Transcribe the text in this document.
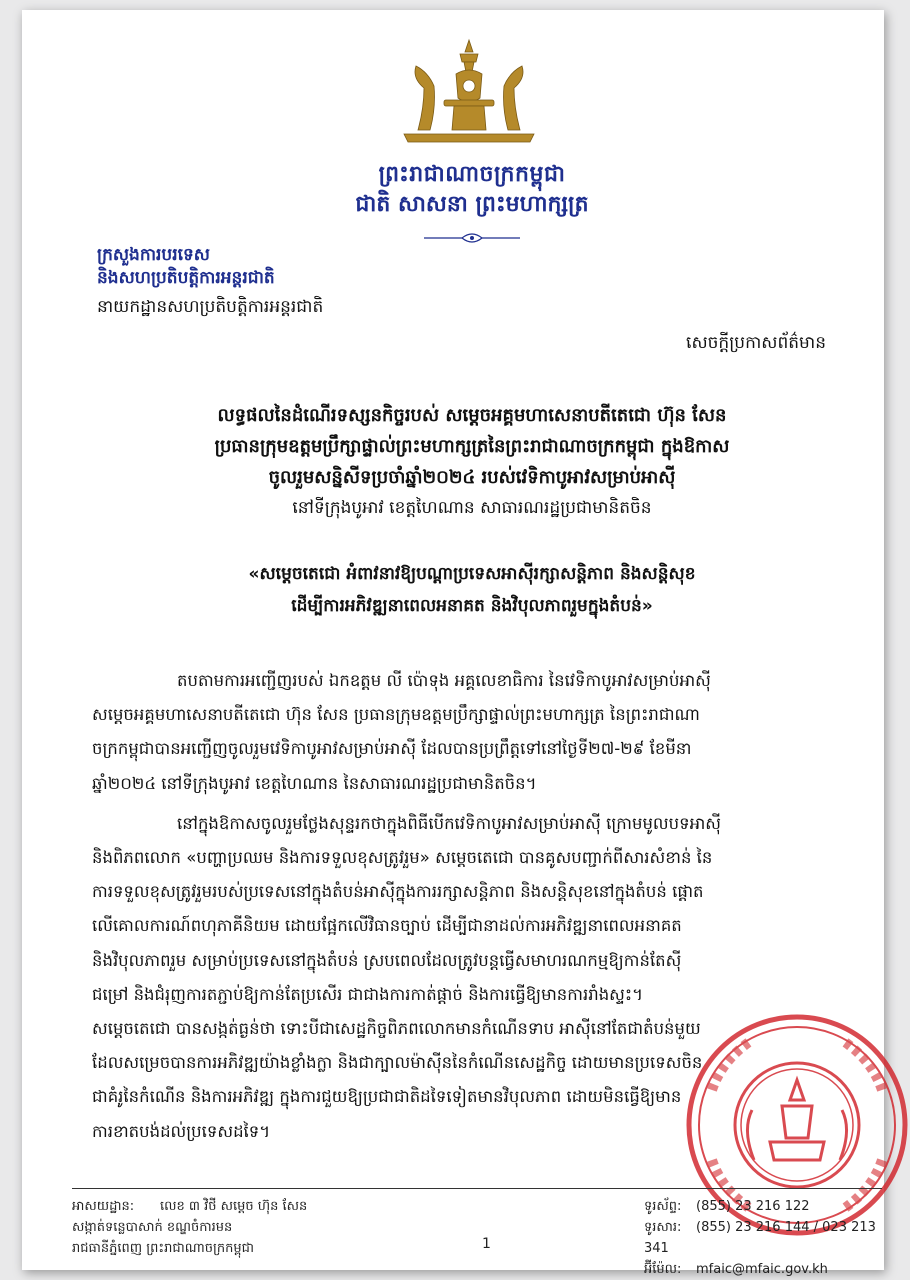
ព្រះរាជាណាចក្រកម្ពុជា
ជាតិ សាសនា ព្រះមហាក្សត្រ
ក្រសួងការបរទេស
និងសហប្រតិបត្តិការអន្តរជាតិ
នាយកដ្ឋានសហប្រតិបត្តិការអន្តរជាតិ
សេចក្តីប្រកាសព័ត៌មាន
លទ្ធផលនៃដំណើរទស្សនកិច្ចរបស់ សម្តេចអគ្គមហាសេនាបតីតេជោ ហ៊ុន សែន
ប្រធានក្រុមឧត្តមប្រឹក្សាផ្ទាល់ព្រះមហាក្សត្រនៃព្រះរាជាណាចក្រកម្ពុជា ក្នុងឱកាស
ចូលរួមសន្និសីទប្រចាំឆ្នាំ២០២៤ របស់វេទិកាបូអាវសម្រាប់អាស៊ី
នៅទីក្រុងបូអាវ ខេត្តហៃណាន សាធារណរដ្ឋប្រជាមានិតចិន
«សម្តេចតេជោ អំពាវនាវឱ្យបណ្តាប្រទេសអាស៊ីរក្សាសន្តិភាព និងសន្តិសុខ
ដើម្បីការអភិវឌ្ឍនាពេលអនាគត និងវិបុលភាពរួមក្នុងតំបន់»

តបតាមការអញ្ជើញរបស់ ឯកឧត្តម លី ប៉ោទុង អគ្គលេខាធិការ នៃវេទិកាបូអាវសម្រាប់អាស៊ី

សម្តេចអគ្គមហាសេនាបតីតេជោ ហ៊ុន សែន ប្រធានក្រុមឧត្តមប្រឹក្សាផ្ទាល់ព្រះមហាក្សត្រ នៃព្រះរាជាណា

ចក្រកម្ពុជាបានអញ្ជើញចូលរួមវេទិកាបូអាវសម្រាប់អាស៊ី ដែលបានប្រព្រឹត្តទៅនៅថ្ងៃទី២៧-២៩ ខែមីនា

ឆ្នាំ២០២៤ នៅទីក្រុងបូអាវ ខេត្តហៃណាន នៃសាធារណរដ្ឋប្រជាមានិតចិន។

នៅក្នុងឱកាសចូលរួមថ្លែងសុន្ទរកថាក្នុងពិធីបើកវេទិកាបូអាវសម្រាប់អាស៊ី ក្រោមមូលបទអាស៊ី

និងពិភពលោក «បញ្ហាប្រឈម និងការទទួលខុសត្រូវរួម» សម្តេចតេជោ បានគូសបញ្ជាក់ពីសារសំខាន់ នៃ

ការទទួលខុសត្រូវរួមរបស់ប្រទេសនៅក្នុងតំបន់អាស៊ីក្នុងការរក្សាសន្តិភាព និងសន្តិសុខនៅក្នុងតំបន់ ផ្តោត

លើគោលការណ៍ពហុភាគីនិយម ដោយផ្អែកលើវិធានច្បាប់ ដើម្បីជានាដល់ការអភិវឌ្ឍនាពេលអនាគត

និងវិបុលភាពរួម សម្រាប់ប្រទេសនៅក្នុងតំបន់ ស្របពេលដែលត្រូវបន្តធ្វើសមាហរណកម្មឱ្យកាន់តែស៊ី

ជម្រៅ និងជំរុញការតភ្ជាប់ឱ្យកាន់តែប្រសើរ ជាជាងការកាត់ផ្តាច់ និងការធ្វើឱ្យមានការរាំងស្ទះ។

សម្តេចតេជោ បានសង្កត់ធ្ងន់ថា ទោះបីជាសេដ្ឋកិច្ចពិភពលោកមានកំណើនទាប អាស៊ីនៅតែជាតំបន់មួយ

ដែលសម្រេចបានការអភិវឌ្ឍយ៉ាងខ្លាំងក្លា និងជាក្បាលម៉ាស៊ីននៃកំណើនសេដ្ឋកិច្ច ដោយមានប្រទេសចិន

ជាគំរូនៃកំណើន និងការអភិវឌ្ឍ ក្នុងការជួយឱ្យប្រជាជាតិដទៃទៀតមានវិបុលភាព ដោយមិនធ្វើឱ្យមាន

ការខាតបង់ដល់ប្រទេសដទៃ។

អាសយដ្ឋាន: លេខ ៣ វិថី សម្តេច ហ៊ុន សែន
សង្កាត់ទន្លេបាសាក់ ខណ្ឌចំការមន
រាជធានីភ្នំពេញ ព្រះរាជាណាចក្រកម្ពុជា	1
ទូរស័ព្ទ: (855) 23 216 122
ទូរសារ: (855) 23 216 144 / 023 213 341
អ៊ីម៉ែល: mfaic@mfaic.gov.kh
